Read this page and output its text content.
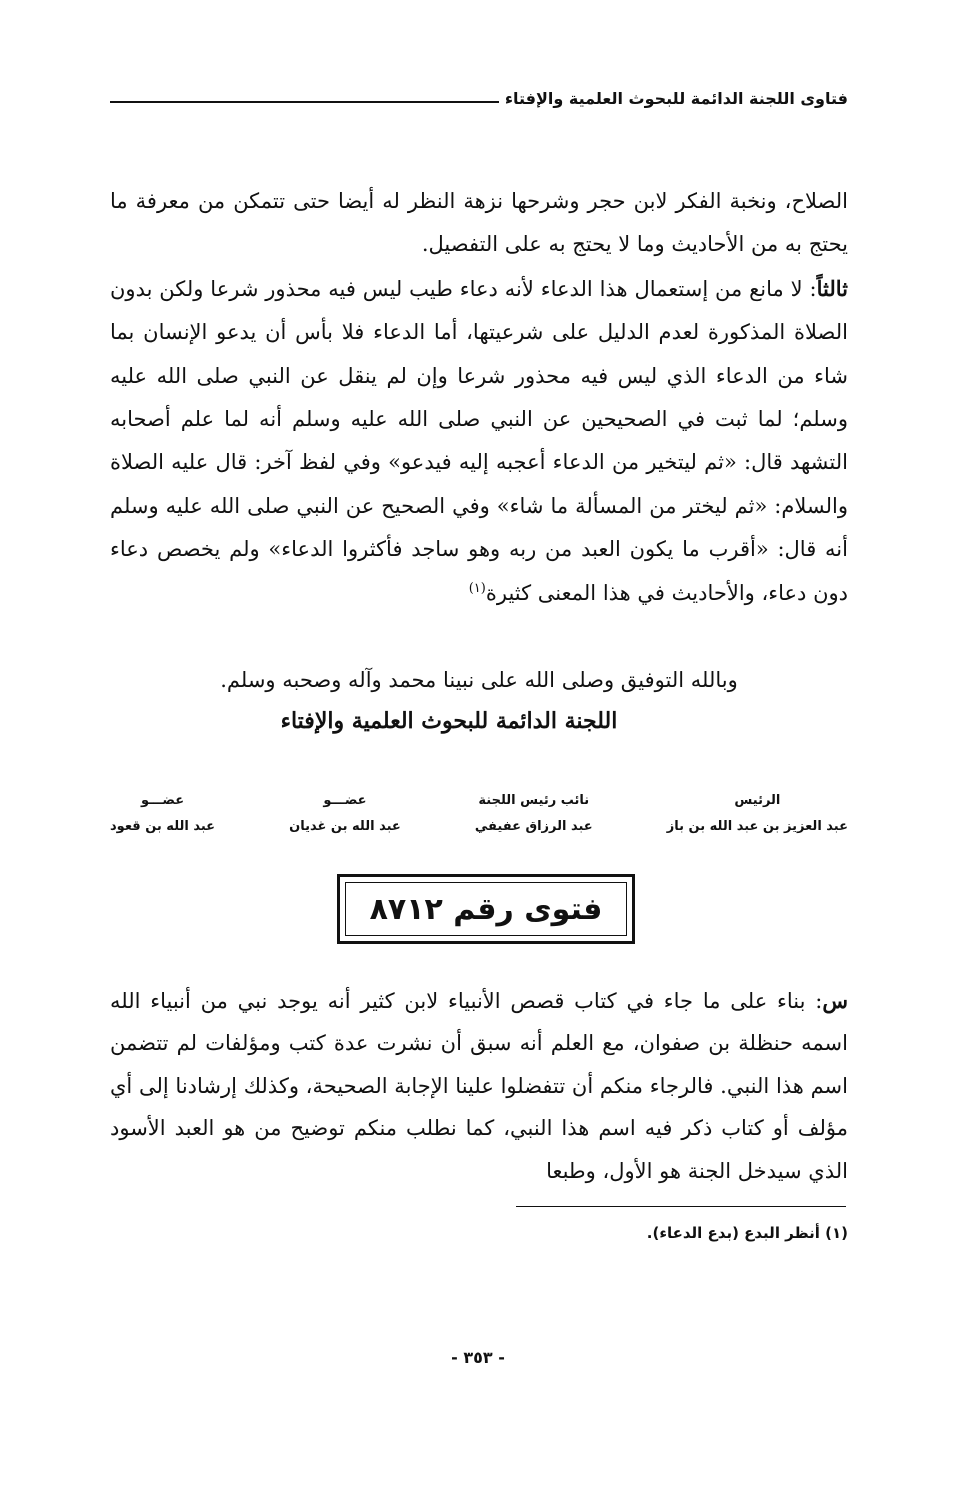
فتاوى اللجنة الدائمة للبحوث العلمية والإفتاء

الصلاح، ونخبة الفكر لابن حجر وشرحها نزهة النظر له أيضا حتى تتمكن من معرفة ما يحتج به من الأحاديث وما لا يحتج به على التفصيل.

ثالثاً: لا مانع من إستعمال هذا الدعاء لأنه دعاء طيب ليس فيه محذور شرعا ولكن بدون الصلاة المذكورة لعدم الدليل على شرعيتها، أما الدعاء فلا بأس أن يدعو الإنسان بما شاء من الدعاء الذي ليس فيه محذور شرعا وإن لم ينقل عن النبي صلى الله عليه وسلم؛ لما ثبت في الصحيحين عن النبي صلى الله عليه وسلم أنه لما علم أصحابه التشهد قال: «ثم ليتخير من الدعاء أعجبه إليه فيدعو» وفي لفظ آخر: قال عليه الصلاة والسلام: «ثم ليختر من المسألة ما شاء» وفي الصحيح عن النبي صلى الله عليه وسلم أنه قال: «أقرب ما يكون العبد من ربه وهو ساجد فأكثروا الدعاء» ولم يخصص دعاء دون دعاء، والأحاديث في هذا المعنى كثيرة$^{(١)}$

وبالله التوفيق وصلى الله على نبينا محمد وآله وصحبه وسلم.
اللجنة الدائمة للبحوث العلمية والإفتاء
الرئيس
عبد العزيز بن عبد الله بن باز
نائب رئيس اللجنة
عبد الرزاق عفيفي
عضـــو
عبد الله بن غديان
عضـــو
عبد الله بن قعود
فتوى رقم ٨٧١٢

س: بناء على ما جاء في كتاب قصص الأنبياء لابن كثير أنه يوجد نبي من أنبياء الله اسمه حنظلة بن صفوان، مع العلم أنه سبق أن نشرت عدة كتب ومؤلفات لم تتضمن اسم هذا النبي. فالرجاء منكم أن تتفضلوا علينا الإجابة الصحيحة، وكذلك إرشادنا إلى أي مؤلف أو كتاب ذكر فيه اسم هذا النبي، كما نطلب منكم توضيح من هو العبد الأسود الذي سيدخل الجنة هو الأول، وطبعا

(١) أنظر البدع (بدع الدعاء).
- ٣٥٣ -
